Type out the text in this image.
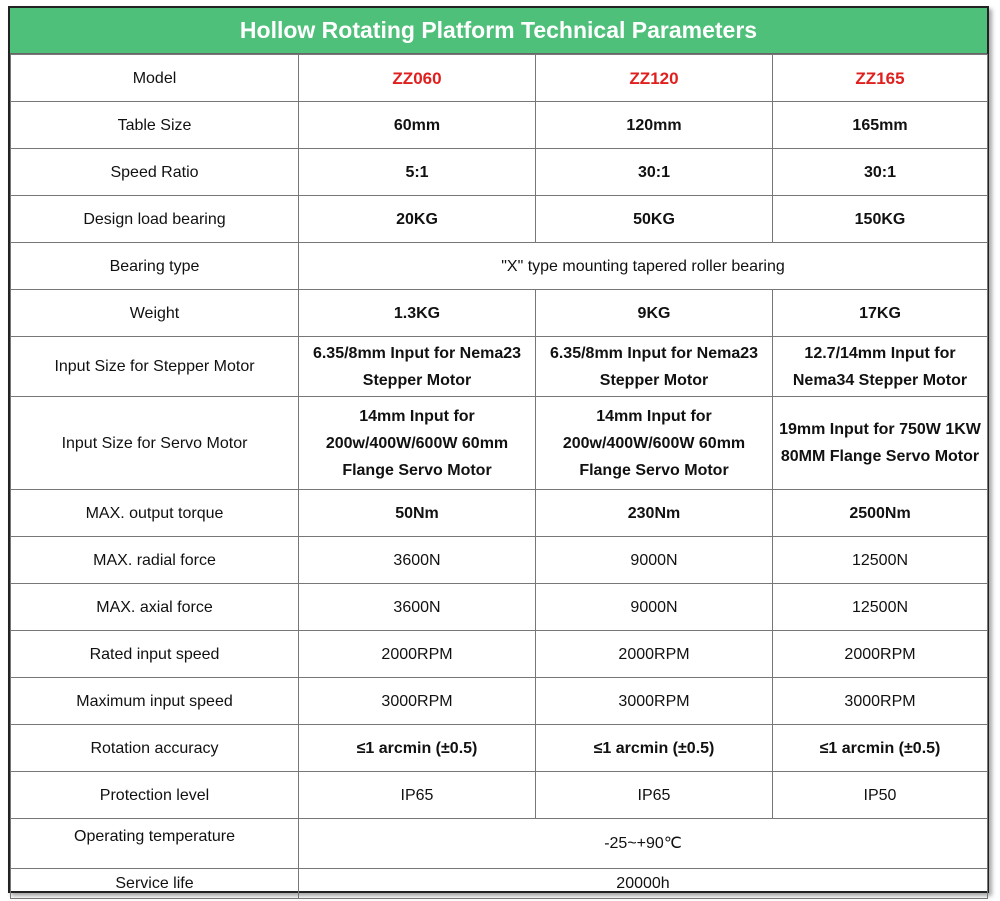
Hollow Rotating Platform Technical Parameters
Model	ZZ060	ZZ120	ZZ165
Table Size	60mm	120mm	165mm
Speed Ratio	5:1	30:1	30:1
Design load bearing	20KG	50KG	150KG
Bearing type	"X" type mounting tapered roller bearing		
Weight	1.3KG	9KG	17KG
Input Size for Stepper Motor	6.35/8mm Input for Nema23 Stepper Motor	6.35/8mm Input for Nema23 Stepper Motor	12.7/14mm Input for Nema34 Stepper Motor
Input Size for Servo Motor	14mm Input for 200w/400W/600W 60mm Flange Servo Motor	14mm Input for 200w/400W/600W 60mm Flange Servo Motor	19mm Input for 750W 1KW 80MM Flange Servo Motor
MAX. output torque	50Nm	230Nm	2500Nm
MAX. radial force	3600N	9000N	12500N
MAX. axial force	3600N	9000N	12500N
Rated input speed	2000RPM	2000RPM	2000RPM
Maximum input speed	3000RPM	3000RPM	3000RPM
Rotation accuracy	≤1 arcmin (±0.5)	≤1 arcmin (±0.5)	≤1 arcmin (±0.5)
Protection level	IP65	IP65	IP50
Operating temperature	-25~+90℃		
Service life	20000h		
